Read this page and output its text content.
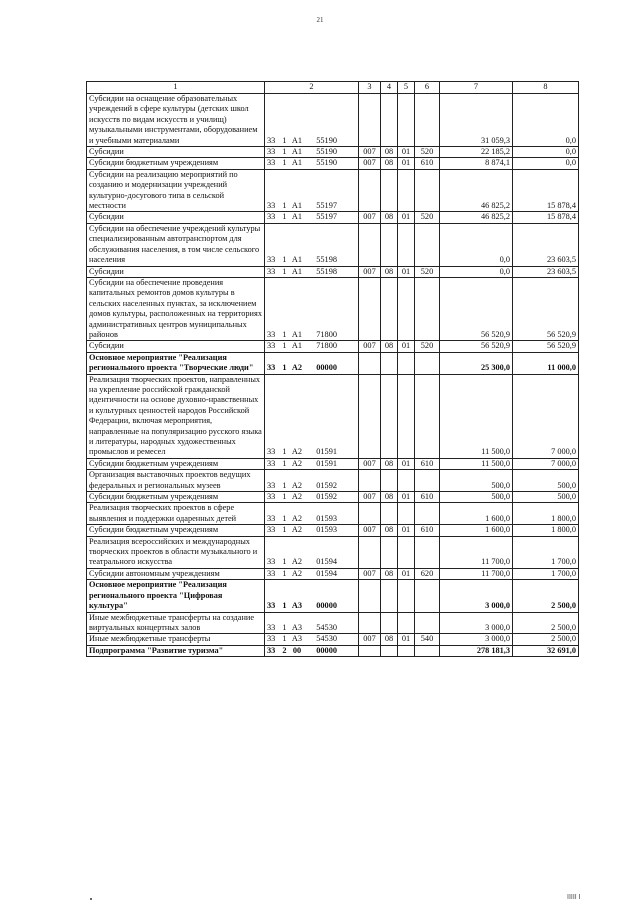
21
1	2	3	4	5	6	7	8
Субсидии на оснащение образовательных учреждений в сфере культуры (детских школ искусств по видам искусств и училищ) музыкальными инструментами, оборудованием и учебными материалами	33 1 A1 55190					31 059,3	0,0
Субсидии	33 1 A1 55190	007	08	01	520	22 185,2	0,0
Субсидии бюджетным учреждениям	33 1 A1 55190	007	08	01	610	8 874,1	0,0
Субсидии на реализацию мероприятий по созданию и модернизации учреждений культурно-досугового типа в сельской местности	33 1 A1 55197					46 825,2	15 878,4
Субсидии	33 1 A1 55197	007	08	01	520	46 825,2	15 878,4
Субсидии на обеспечение учреждений культуры специализированным автотранспортом для обслуживания населения, в том числе сельского населения	33 1 A1 55198					0,0	23 603,5
Субсидии	33 1 A1 55198	007	08	01	520	0,0	23 603,5
Субсидии на обеспечение проведения капитальных ремонтов домов культуры в сельских населенных пунктах, за исключением домов культуры, расположенных на территориях административных центров муниципальных районов	33 1 A1 71800					56 520,9	56 520,9
Субсидии	33 1 A1 71800	007	08	01	520	56 520,9	56 520,9
Основное мероприятие "Реализация регионального проекта "Творческие люди"	33 1 A2 00000					25 300,0	11 000,0
Реализация творческих проектов, направленных на укрепление российской гражданской идентичности на основе духовно-нравственных и культурных ценностей народов Российской Федерации, включая мероприятия, направленные на популяризацию русского языка и литературы, народных художественных промыслов и ремесел	33 1 A2 01591					11 500,0	7 000,0
Субсидии бюджетным учреждениям	33 1 A2 01591	007	08	01	610	11 500,0	7 000,0
Организация выставочных проектов ведущих федеральных и региональных музеев	33 1 A2 01592					500,0	500,0
Субсидии бюджетным учреждениям	33 1 A2 01592	007	08	01	610	500,0	500,0
Реализация творческих проектов в сфере выявления и поддержки одаренных детей	33 1 A2 01593					1 600,0	1 800,0
Субсидии бюджетным учреждениям	33 1 A2 01593	007	08	01	610	1 600,0	1 800,0
Реализация всероссийских и международных творческих проектов в области музыкального и театрального искусства	33 1 A2 01594					11 700,0	1 700,0
Субсидии автономным учреждениям	33 1 A2 01594	007	08	01	620	11 700,0	1 700,0
Основное мероприятие "Реализация регионального проекта "Цифровая культура"	33 1 A3 00000					3 000,0	2 500,0
Иные межбюджетные трансферты на создание виртуальных концертных залов	33 1 A3 54530					3 000,0	2 500,0
Иные межбюджетные трансферты	33 1 A3 54530	007	08	01	540	3 000,0	2 500,0
Подпрограмма "Развитие туризма"	33 2 00 00000					278 181,3	32 691,0
IIIII I
